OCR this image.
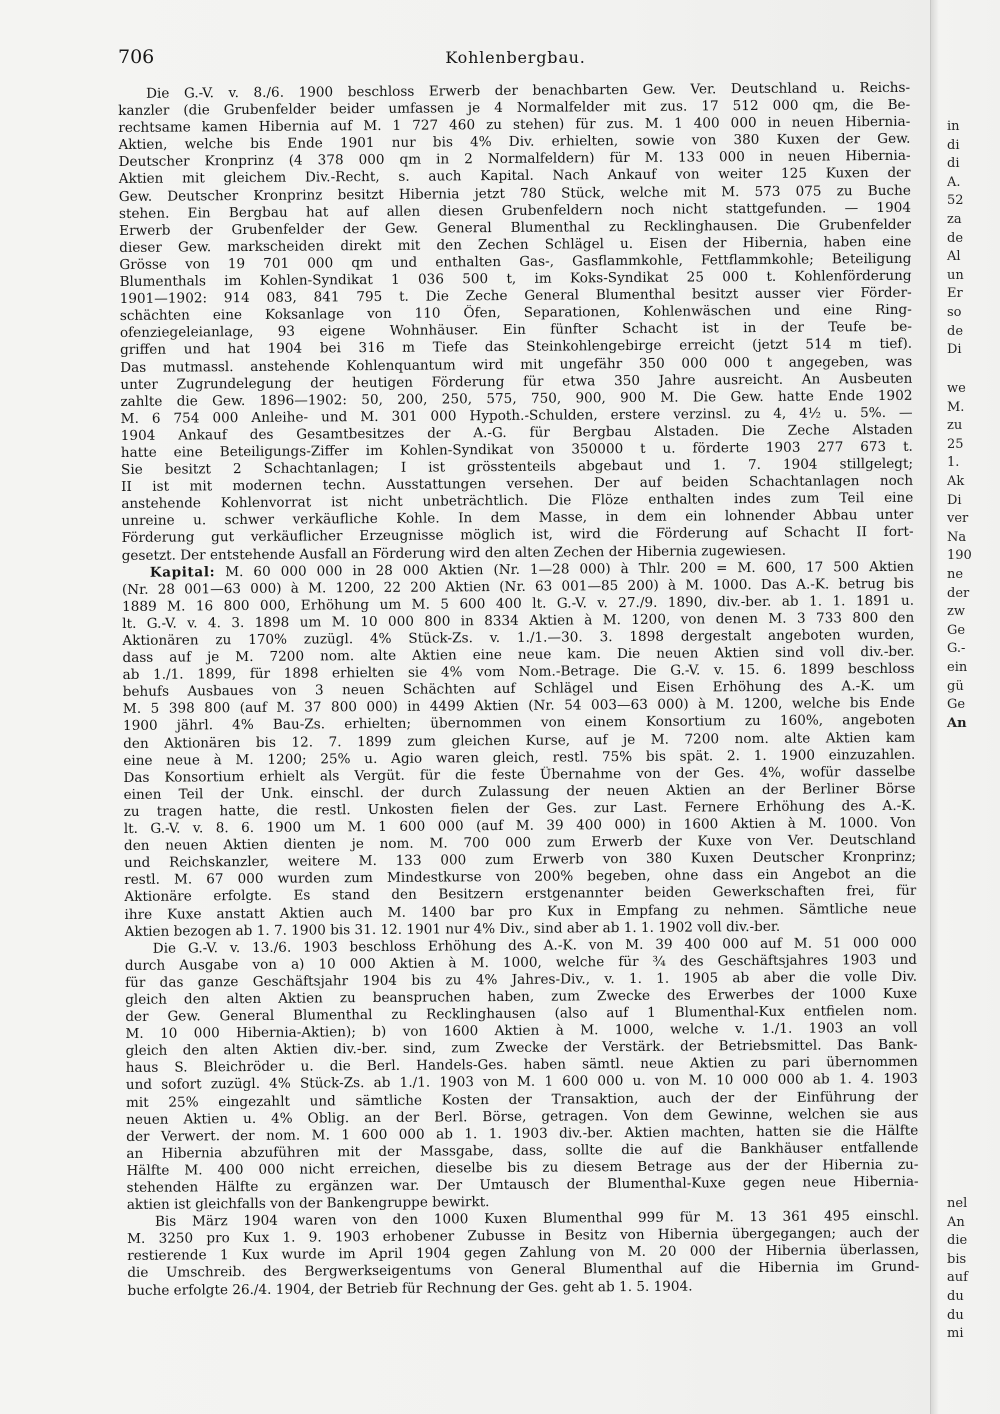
706	Kohlenbergbau.
Die G.-V. v. 8./6. 1900 beschloss Erwerb der benachbarten Gew. Ver. Deutschland u. Reichs-
kanzler (die Grubenfelder beider umfassen je 4 Normalfelder mit zus. 17 512 000 qm, die Be-
rechtsame kamen Hibernia auf M. 1 727 460 zu stehen) für zus. M. 1 400 000 in neuen Hibernia-
Aktien, welche bis Ende 1901 nur bis 4% Div. erhielten, sowie von 380 Kuxen der Gew.
Deutscher Kronprinz (4 378 000 qm in 2 Normalfeldern) für M. 133 000 in neuen Hibernia-
Aktien mit gleichem Div.-Recht, s. auch Kapital. Nach Ankauf von weiter 125 Kuxen der
Gew. Deutscher Kronprinz besitzt Hibernia jetzt 780 Stück, welche mit M. 573 075 zu Buche
stehen. Ein Bergbau hat auf allen diesen Grubenfeldern noch nicht stattgefunden. — 1904
Erwerb der Grubenfelder der Gew. General Blumenthal zu Recklinghausen. Die Grubenfelder
dieser Gew. markscheiden direkt mit den Zechen Schlägel u. Eisen der Hibernia, haben eine
Grösse von 19 701 000 qm und enthalten Gas-, Gasflammkohle, Fettflammkohle; Beteiligung
Blumenthals im Kohlen-Syndikat 1 036 500 t, im Koks-Syndikat 25 000 t. Kohlenförderung
1901—1902: 914 083, 841 795 t. Die Zeche General Blumenthal besitzt ausser vier Förder-
schächten eine Koksanlage von 110 Öfen, Separationen, Kohlenwäschen und eine Ring-
ofenziegeleianlage, 93 eigene Wohnhäuser. Ein fünfter Schacht ist in der Teufe be-
griffen und hat 1904 bei 316 m Tiefe das Steinkohlengebirge erreicht (jetzt 514 m tief).
Das mutmassl. anstehende Kohlenquantum wird mit ungefähr 350 000 000 t angegeben, was
unter Zugrundelegung der heutigen Förderung für etwa 350 Jahre ausreicht. An Ausbeuten
zahlte die Gew. 1896—1902: 50, 200, 250, 575, 750, 900, 900 M. Die Gew. hatte Ende 1902
M. 6 754 000 Anleihe- und M. 301 000 Hypoth.-Schulden, erstere verzinsl. zu 4, 4½ u. 5%. —
1904 Ankauf des Gesamtbesitzes der A.-G. für Bergbau Alstaden. Die Zeche Alstaden
hatte eine Beteiligungs-Ziffer im Kohlen-Syndikat von 350000 t u. förderte 1903 277 673 t.
Sie besitzt 2 Schachtanlagen; I ist grösstenteils abgebaut und 1. 7. 1904 stillgelegt;
II ist mit modernen techn. Ausstattungen versehen. Der auf beiden Schachtanlagen noch
anstehende Kohlenvorrat ist nicht unbeträchtlich. Die Flöze enthalten indes zum Teil eine
unreine u. schwer verkäufliche Kohle. In dem Masse, in dem ein lohnender Abbau unter
Förderung gut verkäuflicher Erzeugnisse möglich ist, wird die Förderung auf Schacht II fort-
gesetzt. Der entstehende Ausfall an Förderung wird den alten Zechen der Hibernia zugewiesen.
Kapital: M. 60 000 000 in 28 000 Aktien (Nr. 1—28 000) à Thlr. 200 = M. 600, 17 500 Aktien
(Nr. 28 001—63 000) à M. 1200, 22 200 Aktien (Nr. 63 001—85 200) à M. 1000. Das A.-K. betrug bis
1889 M. 16 800 000, Erhöhung um M. 5 600 400 lt. G.-V. v. 27./9. 1890, div.-ber. ab 1. 1. 1891 u.
lt. G.-V. v. 4. 3. 1898 um M. 10 000 800 in 8334 Aktien à M. 1200, von denen M. 3 733 800 den
Aktionären zu 170% zuzügl. 4% Stück-Zs. v. 1./1.—30. 3. 1898 dergestalt angeboten wurden,
dass auf je M. 7200 nom. alte Aktien eine neue kam. Die neuen Aktien sind voll div.-ber.
ab 1./1. 1899, für 1898 erhielten sie 4% vom Nom.-Betrage. Die G.-V. v. 15. 6. 1899 beschloss
behufs Ausbaues von 3 neuen Schächten auf Schlägel und Eisen Erhöhung des A.-K. um
M. 5 398 800 (auf M. 37 800 000) in 4499 Aktien (Nr. 54 003—63 000) à M. 1200, welche bis Ende
1900 jährl. 4% Bau-Zs. erhielten; übernommen von einem Konsortium zu 160%, angeboten
den Aktionären bis 12. 7. 1899 zum gleichen Kurse, auf je M. 7200 nom. alte Aktien kam
eine neue à M. 1200; 25% u. Agio waren gleich, restl. 75% bis spät. 2. 1. 1900 einzuzahlen.
Das Konsortium erhielt als Vergüt. für die feste Übernahme von der Ges. 4%, wofür dasselbe
einen Teil der Unk. einschl. der durch Zulassung der neuen Aktien an der Berliner Börse
zu tragen hatte, die restl. Unkosten fielen der Ges. zur Last. Fernere Erhöhung des A.-K.
lt. G.-V. v. 8. 6. 1900 um M. 1 600 000 (auf M. 39 400 000) in 1600 Aktien à M. 1000. Von
den neuen Aktien dienten je nom. M. 700 000 zum Erwerb der Kuxe von Ver. Deutschland
und Reichskanzler, weitere M. 133 000 zum Erwerb von 380 Kuxen Deutscher Kronprinz;
restl. M. 67 000 wurden zum Mindestkurse von 200% begeben, ohne dass ein Angebot an die
Aktionäre erfolgte. Es stand den Besitzern erstgenannter beiden Gewerkschaften frei, für
ihre Kuxe anstatt Aktien auch M. 1400 bar pro Kux in Empfang zu nehmen. Sämtliche neue
Aktien bezogen ab 1. 7. 1900 bis 31. 12. 1901 nur 4% Div., sind aber ab 1. 1. 1902 voll div.-ber.
Die G.-V. v. 13./6. 1903 beschloss Erhöhung des A.-K. von M. 39 400 000 auf M. 51 000 000
durch Ausgabe von a) 10 000 Aktien à M. 1000, welche für ¾ des Geschäftsjahres 1903 und
für das ganze Geschäftsjahr 1904 bis zu 4% Jahres-Div., v. 1. 1. 1905 ab aber die volle Div.
gleich den alten Aktien zu beanspruchen haben, zum Zwecke des Erwerbes der 1000 Kuxe
der Gew. General Blumenthal zu Recklinghausen (also auf 1 Blumenthal-Kux entfielen nom.
M. 10 000 Hibernia-Aktien); b) von 1600 Aktien à M. 1000, welche v. 1./1. 1903 an voll
gleich den alten Aktien div.-ber. sind, zum Zwecke der Verstärk. der Betriebsmittel. Das Bank-
haus S. Bleichröder u. die Berl. Handels-Ges. haben sämtl. neue Aktien zu pari übernommen
und sofort zuzügl. 4% Stück-Zs. ab 1./1. 1903 von M. 1 600 000 u. von M. 10 000 000 ab 1. 4. 1903
mit 25% eingezahlt und sämtliche Kosten der Transaktion, auch der der Einführung der
neuen Aktien u. 4% Oblig. an der Berl. Börse, getragen. Von dem Gewinne, welchen sie aus
der Verwert. der nom. M. 1 600 000 ab 1. 1. 1903 div.-ber. Aktien machten, hatten sie die Hälfte
an Hibernia abzuführen mit der Massgabe, dass, sollte die auf die Bankhäuser entfallende
Hälfte M. 400 000 nicht erreichen, dieselbe bis zu diesem Betrage aus der der Hibernia zu-
stehenden Hälfte zu ergänzen war. Der Umtausch der Blumenthal-Kuxe gegen neue Hibernia-
aktien ist gleichfalls von der Bankengruppe bewirkt.
Bis März 1904 waren von den 1000 Kuxen Blumenthal 999 für M. 13 361 495 einschl.
M. 3250 pro Kux 1. 9. 1903 erhobener Zubusse in Besitz von Hibernia übergegangen; auch der
restierende 1 Kux wurde im April 1904 gegen Zahlung von M. 20 000 der Hibernia überlassen,
die Umschreib. des Bergwerkseigentums von General Blumenthal auf die Hibernia im Grund-
buche erfolgte 26./4. 1904, der Betrieb für Rechnung der Ges. geht ab 1. 5. 1904.
in
di
di
A.
52
za
de
Al
un
Er
so
de
Di
we
M.
zu
25
1.
Ak
Di
ver
Na
190
ne
der
zw
Ge
G.-
ein
gü
Ge
An
nel
An
die
bis
auf
du
du
mi
